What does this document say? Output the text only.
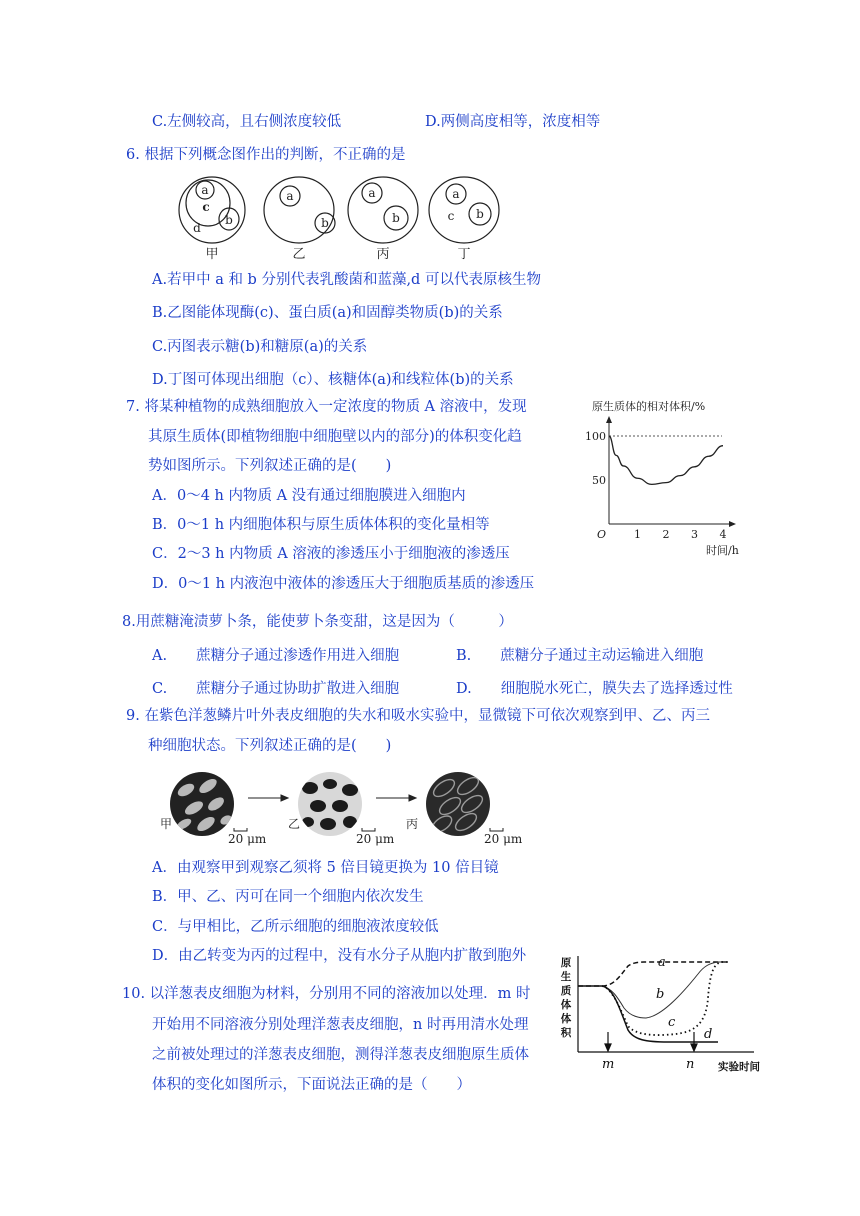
C.左侧较高，且右侧浓度较低	D.两侧高度相等，浓度相等
6. 根据下列概念图作出的判断，不正确的是
a
c
b
d
a
b
a
b
a
c b
甲	乙	丙	丁
A.若甲中 a 和 b 分别代表乳酸菌和蓝藻,d 可以代表原核生物
B.乙图能体现酶(c)、蛋白质(a)和固醇类物质(b)的关系
C.丙图表示糖(b)和糖原(a)的关系
D.丁图可体现出细胞（c）、核糖体(a)和线粒体(b)的关系
7. 将某种植物的成熟细胞放入一定浓度的物质 A 溶液中，发现
其原生质体(即植物细胞中细胞壁以内的部分)的体积变化趋
势如图所示。下列叙述正确的是(　　)
A．0～4 h 内物质 A 没有通过细胞膜进入细胞内
B．0～1 h 内细胞体积与原生质体体积的变化量相等
C．2～3 h 内物质 A 溶液的渗透压小于细胞液的渗透压
D．0～1 h 内液泡中液体的渗透压大于细胞质基质的渗透压
原生质体的相对体积/%
O
100
50
1 2 3 4
时间/h
8.用蔗糖淹渍萝卜条，能使萝卜条变甜，这是因为（　　　）
A.　　蔗糖分子通过渗透作用进入细胞	B.　　蔗糖分子通过主动运输进入细胞
C.　　蔗糖分子通过协助扩散进入细胞	D.　　细胞脱水死亡，膜失去了选择透过性
9. 在紫色洋葱鳞片叶外表皮细胞的失水和吸水实验中，显微镜下可依次观察到甲、乙、丙三
种细胞状态。下列叙述正确的是(　　)
甲	乙	丙
20 μm	20 μm	20 μm
A．由观察甲到观察乙须将 5 倍目镜更换为 10 倍目镜
B．甲、乙、丙可在同一个细胞内依次发生
C．与甲相比，乙所示细胞的细胞液浓度较低
D．由乙转变为丙的过程中，没有水分子从胞内扩散到胞外
10. 以洋葱表皮细胞为材料，分别用不同的溶液加以处理．m 时
开始用不同溶液分别处理洋葱表皮细胞，n 时再用清水处理
之前被处理过的洋葱表皮细胞，测得洋葱表皮细胞原生质体
体积的变化如图所示，下面说法正确的是（　　）
原
生
质
体
体
积
a
b
c
d
m	n 实验时间
